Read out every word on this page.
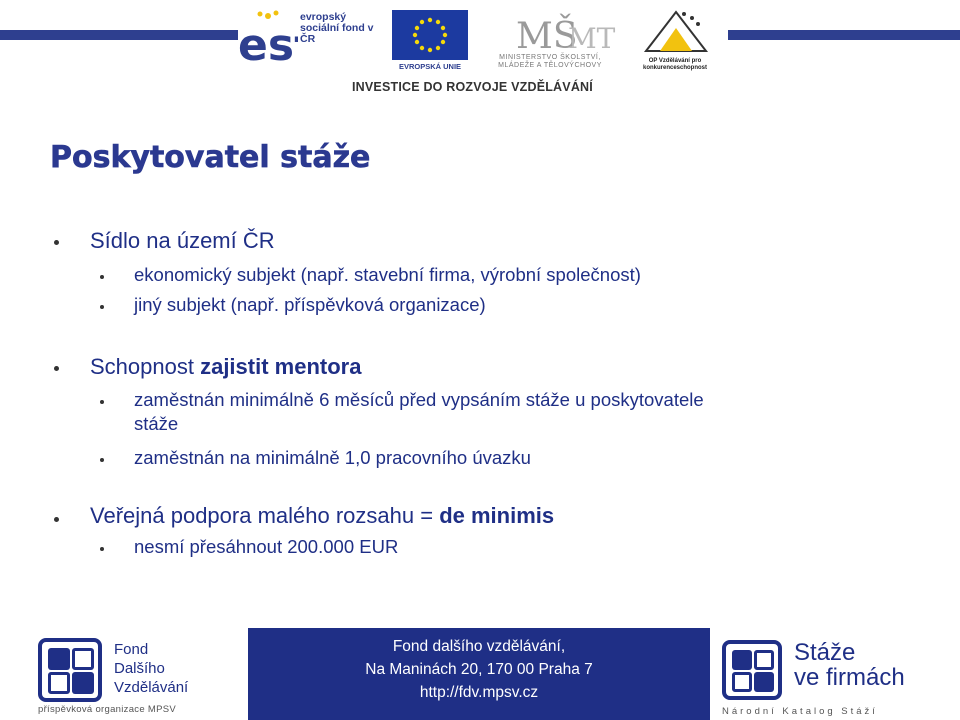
es
evropský sociální fond v ČR
EVROPSKÁ UNIE
MŠ
MT
MINISTERSTVO ŠKOLSTVÍ, MLÁDEŽE A TĚLOVÝCHOVY
OP Vzdělávání pro konkurenceschopnost
INVESTICE DO ROZVOJE VZDĚLÁVÁNÍ
Poskytovatel stáže

Sídlo na území ČR

ekonomický subjekt (např. stavební firma, výrobní společnost)

jiný subjekt (např. příspěvková organizace)

Schopnost zajistit mentora

zaměstnán minimálně 6 měsíců před vypsáním stáže u poskytovatele

stáže

zaměstnán na minimálně 1,0 pracovního úvazku

Veřejná podpora malého rozsahu = de minimis

nesmí přesáhnout 200.000 EUR

Fond
Dalšího
Vzdělávání
příspěvková organizace MPSV
Fond dalšího vzdělávání,
Na Maninách 20, 170 00 Praha 7
http://fdv.mpsv.cz
Stáže
ve firmách
Národní Katalog Stáží
